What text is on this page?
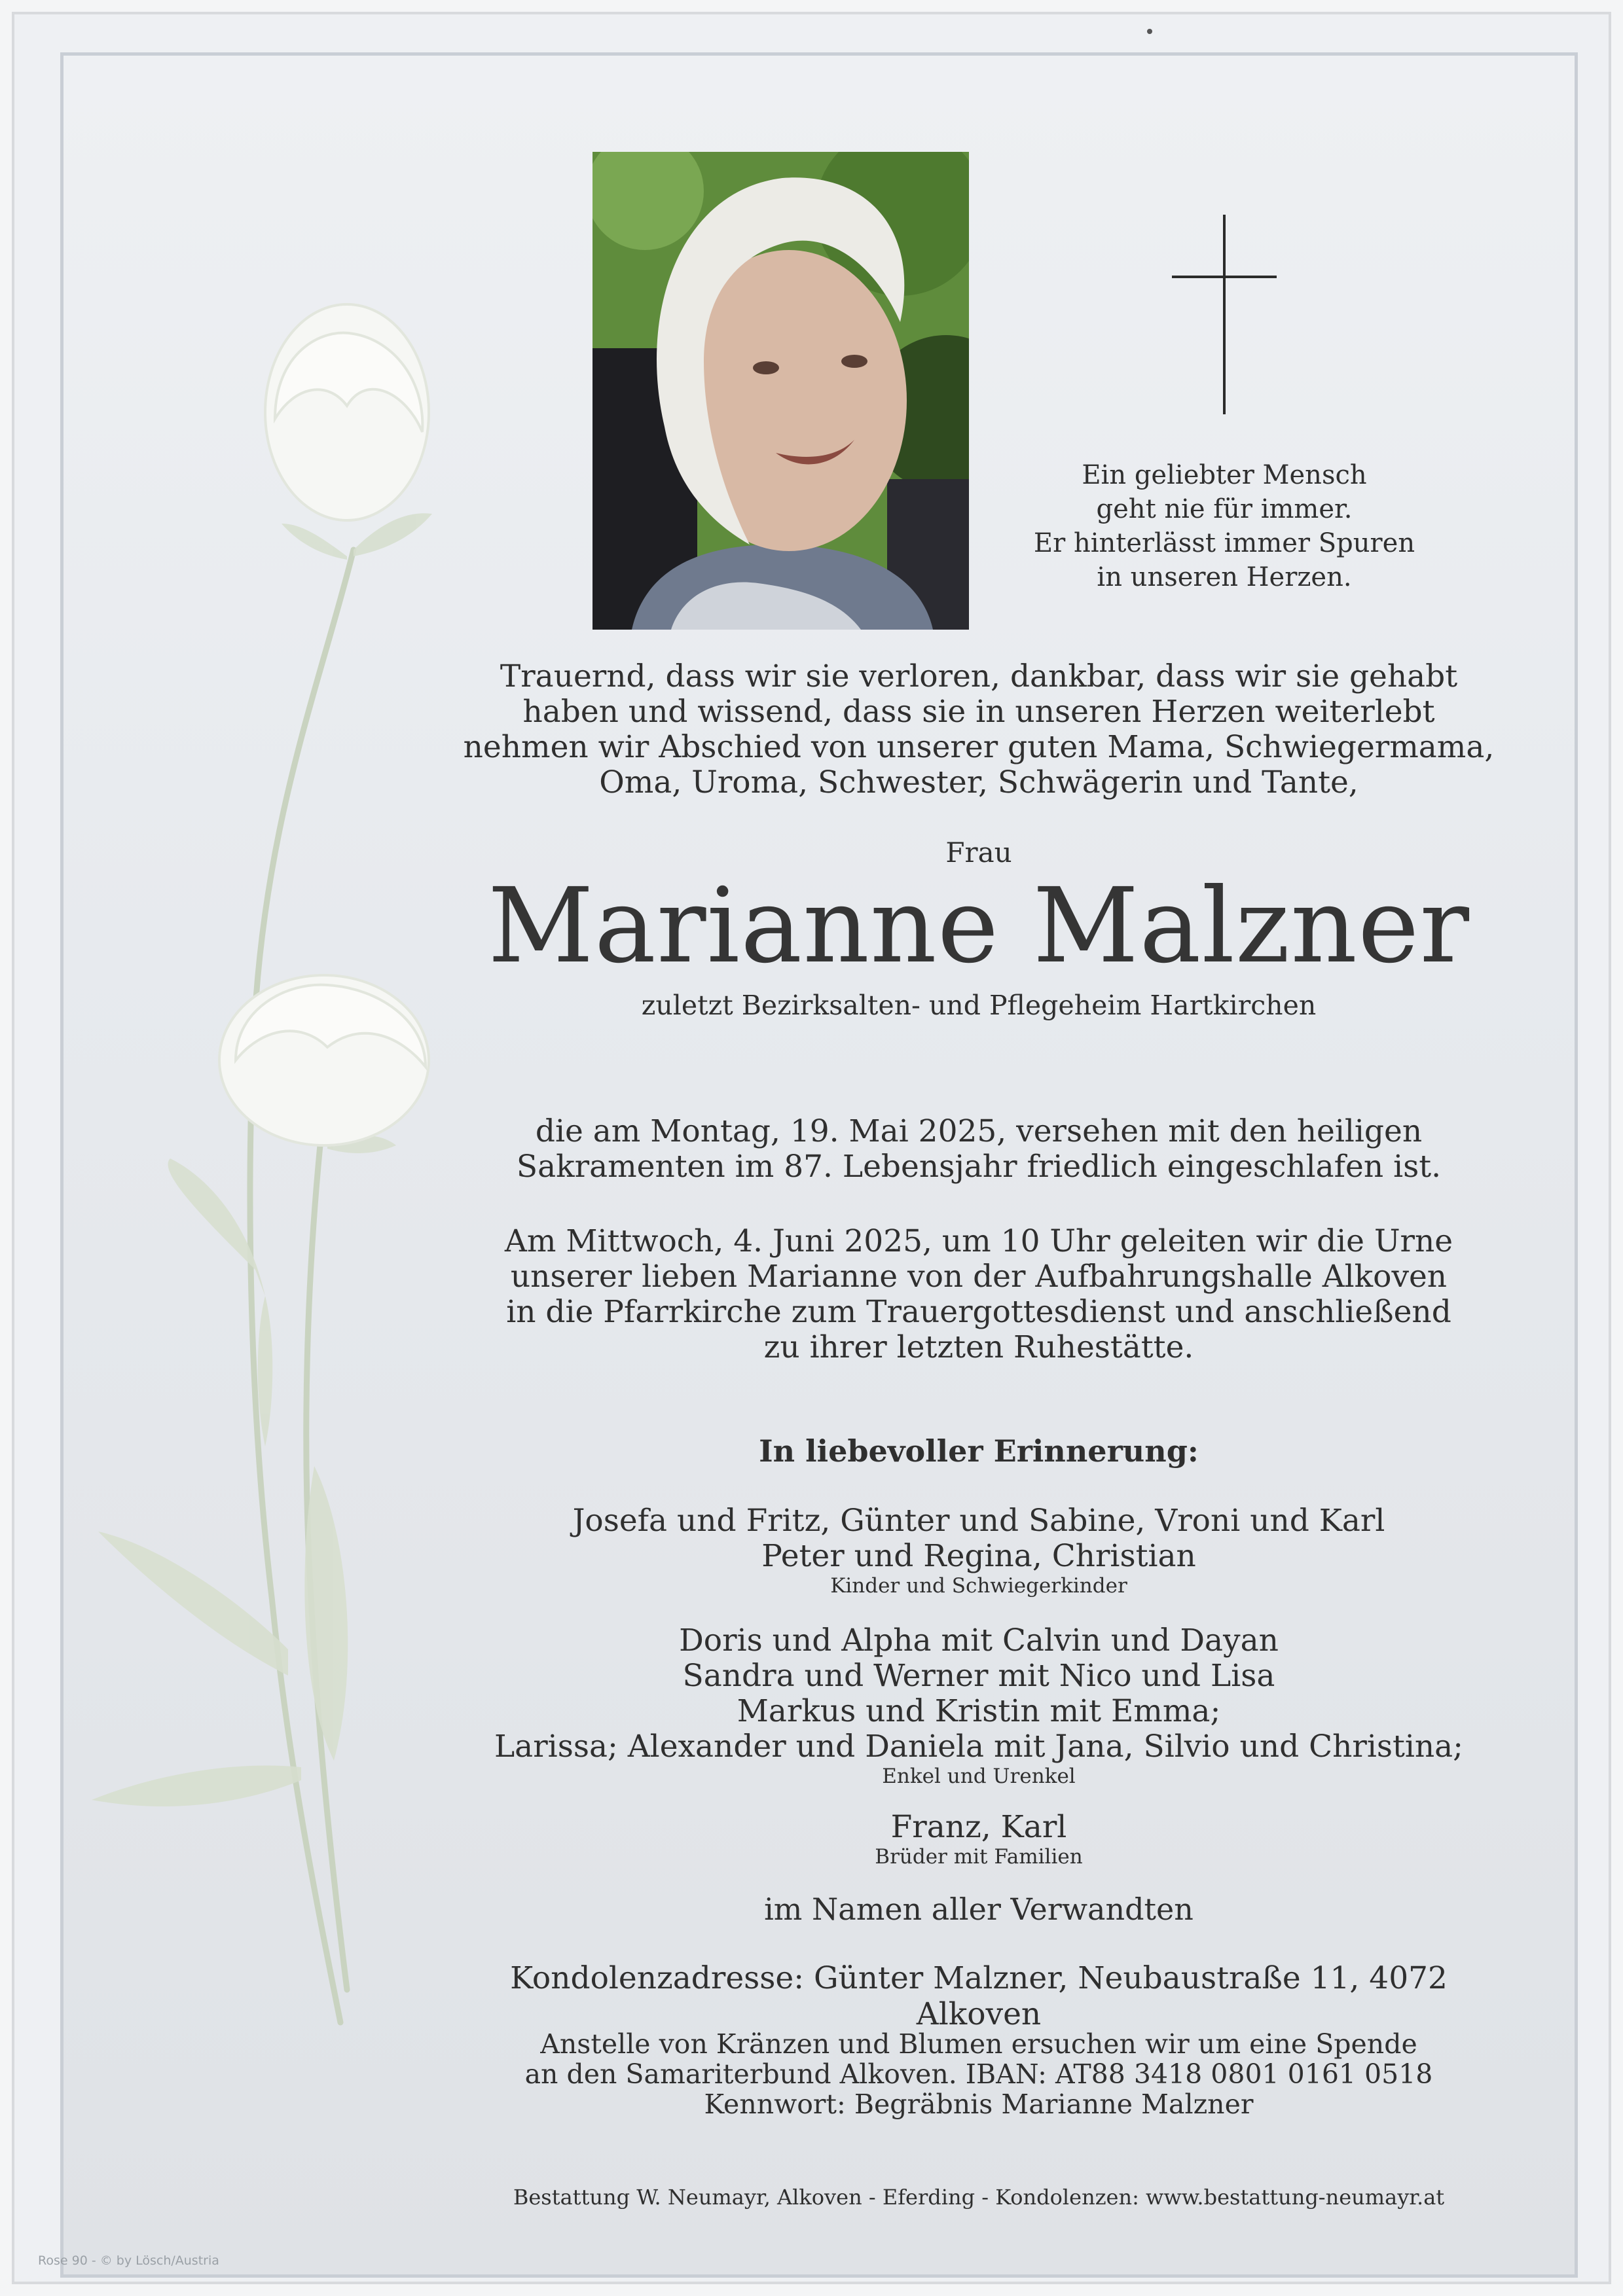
Ein geliebter Mensch
geht nie für immer.
Er hinterlässt immer Spuren
in unseren Herzen.
Trauernd, dass wir sie verloren, dankbar, dass wir sie gehabt
haben und wissend, dass sie in unseren Herzen weiterlebt
nehmen wir Abschied von unserer guten Mama, Schwiegermama,
Oma, Uroma, Schwester, Schwägerin und Tante,
Frau
Marianne Malzner
zuletzt Bezirksalten- und Pflegeheim Hartkirchen
die am Montag, 19. Mai 2025, versehen mit den heiligen
Sakramenten im 87. Lebensjahr friedlich eingeschlafen ist.
Am Mittwoch, 4. Juni 2025, um 10 Uhr geleiten wir die Urne
unserer lieben Marianne von der Aufbahrungshalle Alkoven
in die Pfarrkirche zum Trauergottesdienst und anschließend
zu ihrer letzten Ruhestätte.
In liebevoller Erinnerung:
Josefa und Fritz, Günter und Sabine, Vroni und Karl
Peter und Regina, Christian
Kinder und Schwiegerkinder
Doris und Alpha mit Calvin und Dayan
Sandra und Werner mit Nico und Lisa
Markus und Kristin mit Emma;
Larissa; Alexander und Daniela mit Jana, Silvio und Christina;
Enkel und Urenkel
Franz, Karl
Brüder mit Familien
im Namen aller Verwandten
Kondolenzadresse: Günter Malzner, Neubaustraße 11, 4072 Alkoven
Anstelle von Kränzen und Blumen ersuchen wir um eine Spende
an den Samariterbund Alkoven. IBAN: AT88 3418 0801 0161 0518
Kennwort: Begräbnis Marianne Malzner
Bestattung W. Neumayr, Alkoven - Eferding - Kondolenzen: www.bestattung-neumayr.at
Rose 90 - © by Lösch/Austria
